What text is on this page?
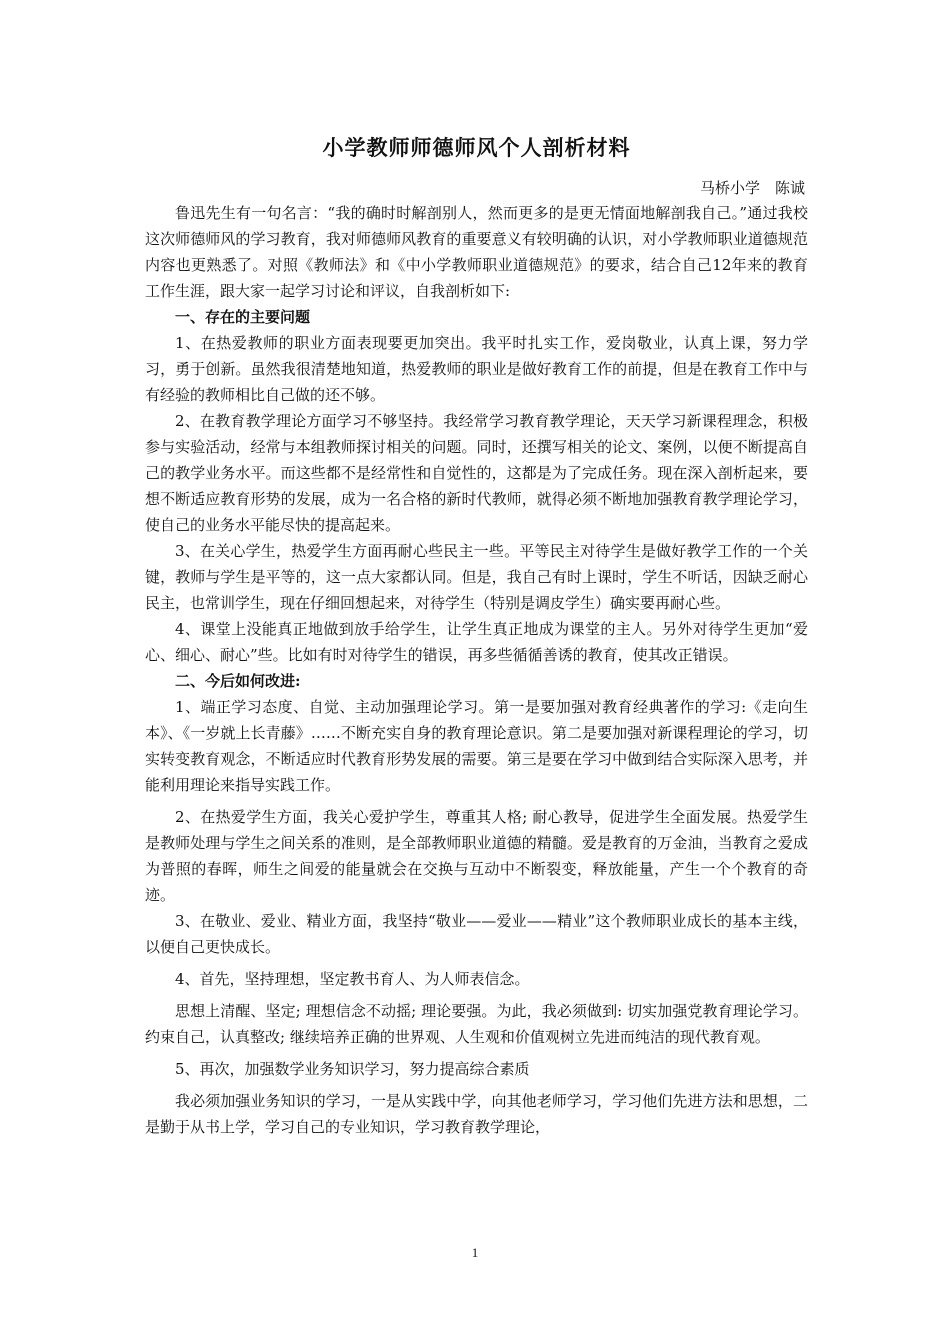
小学教师师德师风个人剖析材料

马桥小学　陈诚

鲁迅先生有一句名言：“我的确时时解剖别人，然而更多的是更无情面地解剖我自己。”通过我校这次师德师风的学习教育，我对师德师风教育的重要意义有较明确的认识，对小学教师职业道德规范内容也更熟悉了。对照《教师法》和《中小学教师职业道德规范》的要求，结合自己12年来的教育工作生涯，跟大家一起学习讨论和评议，自我剖析如下:

一、存在的主要问题

1、在热爱教师的职业方面表现要更加突出。我平时扎实工作，爱岗敬业，认真上课，努力学习，勇于创新。虽然我很清楚地知道，热爱教师的职业是做好教育工作的前提，但是在教育工作中与有经验的教师相比自己做的还不够。

2、在教育教学理论方面学习不够坚持。我经常学习教育教学理论，天天学习新课程理念，积极参与实验活动，经常与本组教师探讨相关的问题。同时，还撰写相关的论文、案例，以便不断提高自己的教学业务水平。而这些都不是经常性和自觉性的，这都是为了完成任务。现在深入剖析起来，要想不断适应教育形势的发展，成为一名合格的新时代教师，就得必须不断地加强教育教学理论学习，使自己的业务水平能尽快的提高起来。

3、在关心学生，热爱学生方面再耐心些民主一些。平等民主对待学生是做好教学工作的一个关键，教师与学生是平等的，这一点大家都认同。但是，我自己有时上课时，学生不听话，因缺乏耐心民主，也常训学生，现在仔细回想起来，对待学生（特别是调皮学生）确实要再耐心些。

4、课堂上没能真正地做到放手给学生，让学生真正地成为课堂的主人。另外对待学生更加“爱心、细心、耐心”些。比如有时对待学生的错误，再多些循循善诱的教育，使其改正错误。

二、今后如何改进:

1、端正学习态度、自觉、主动加强理论学习。第一是要加强对教育经典著作的学习:《走向生本》、《一岁就上长青藤》……不断充实自身的教育理论意识。第二是要加强对新课程理论的学习，切实转变教育观念，不断适应时代教育形势发展的需要。第三是要在学习中做到结合实际深入思考，并能利用理论来指导实践工作。

2、在热爱学生方面，我关心爱护学生，尊重其人格; 耐心教导，促进学生全面发展。热爱学生是教师处理与学生之间关系的准则，是全部教师职业道德的精髓。爱是教育的万金油，当教育之爱成为普照的春晖，师生之间爱的能量就会在交换与互动中不断裂变，释放能量，产生一个个教育的奇迹。

3、在敬业、爱业、精业方面，我坚持“敬业——爱业——精业”这个教师职业成长的基本主线，以便自己更快成长。

4、首先，坚持理想，坚定教书育人、为人师表信念。

思想上清醒、坚定; 理想信念不动摇; 理论要强。为此，我必须做到: 切实加强党教育理论学习。约束自己，认真整改; 继续培养正确的世界观、人生观和价值观树立先进而纯洁的现代教育观。

5、再次，加强数学业务知识学习，努力提高综合素质

我必须加强业务知识的学习，一是从实践中学，向其他老师学习，学习他们先进方法和思想，二是勤于从书上学，学习自己的专业知识，学习教育教学理论，

1
